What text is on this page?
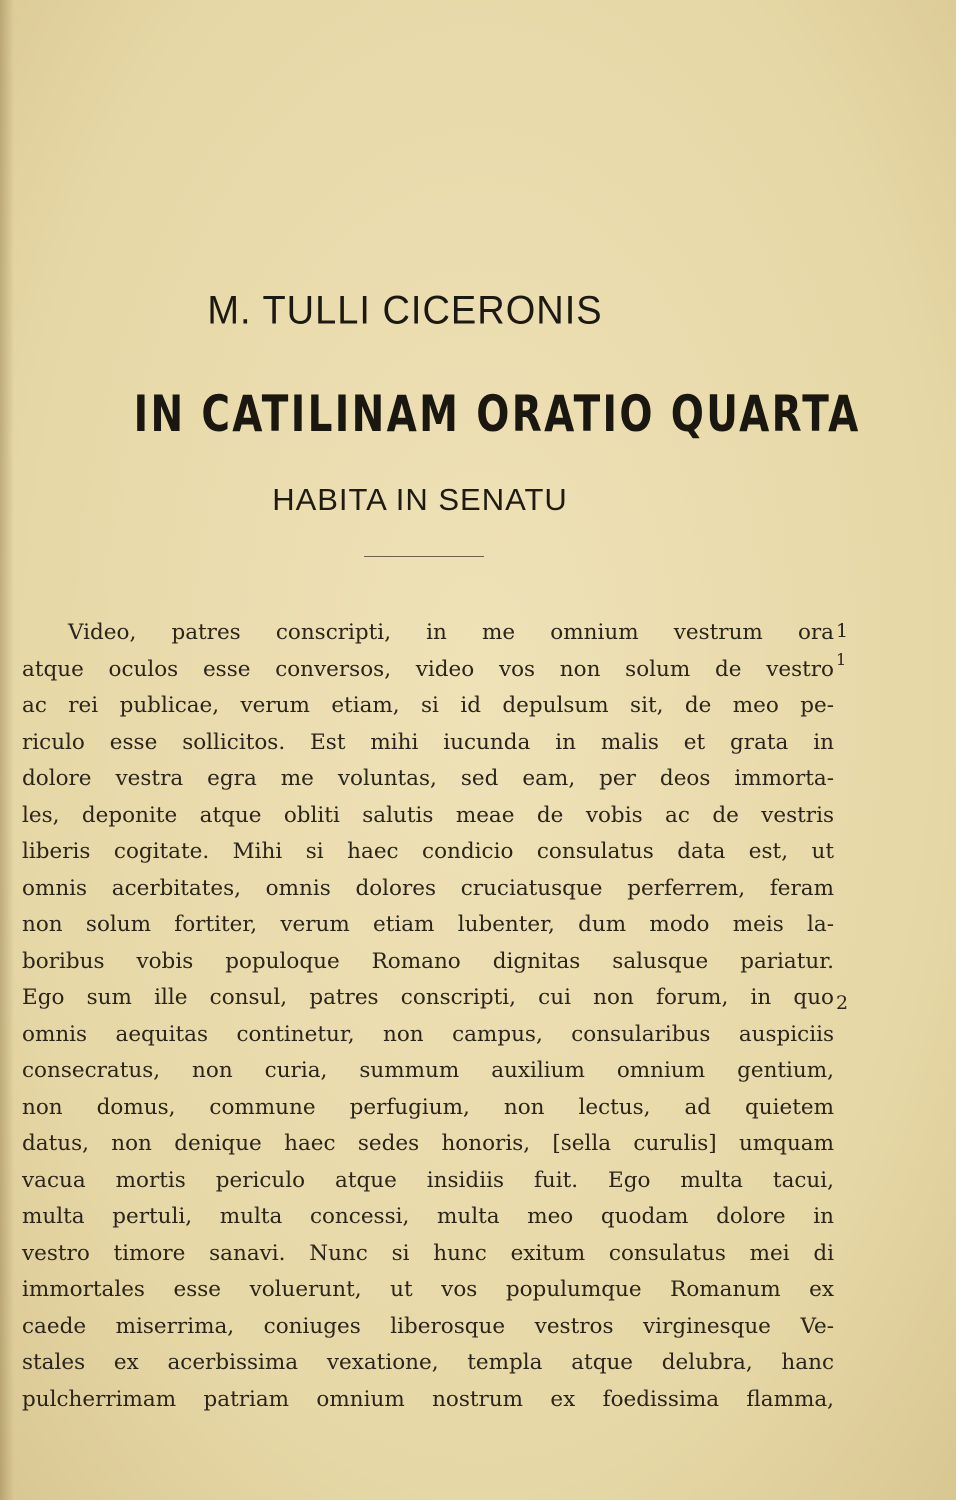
M. TULLI CICERONIS
IN CATILINAM ORATIO QUARTA
HABITA IN SENATU
Video, patres conscripti, in me omnium vestrum ora
atque oculos esse conversos, video vos non solum de vestro
ac rei publicae, verum etiam, si id depulsum sit, de meo pe-
riculo esse sollicitos. Est mihi iucunda in malis et grata in
dolore vestra egra me voluntas, sed eam, per deos immorta-
les, deponite atque obliti salutis meae de vobis ac de vestris
liberis cogitate. Mihi si haec condicio consulatus data est, ut
omnis acerbitates, omnis dolores cruciatusque perferrem, feram
non solum fortiter, verum etiam lubenter, dum modo meis la-
boribus vobis populoque Romano dignitas salusque pariatur.
Ego sum ille consul, patres conscripti, cui non forum, in quo
omnis aequitas continetur, non campus, consularibus auspiciis
consecratus, non curia, summum auxilium omnium gentium,
non domus, commune perfugium, non lectus, ad quietem
datus, non denique haec sedes honoris, [sella curulis] umquam
vacua mortis periculo atque insidiis fuit. Ego multa tacui,
multa pertuli, multa concessi, multa meo quodam dolore in
vestro timore sanavi. Nunc si hunc exitum consulatus mei di
immortales esse voluerunt, ut vos populumque Romanum ex
caede miserrima, coniuges liberosque vestros virginesque Ve-
stales ex acerbissima vexatione, templa atque delubra, hanc
pulcherrimam patriam omnium nostrum ex foedissima flamma,
1
1
2
